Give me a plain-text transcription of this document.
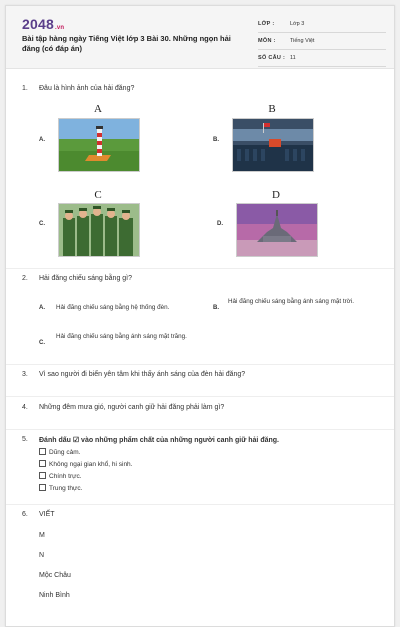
2048.vn
Bài tập hàng ngày Tiếng Việt lớp 3 Bài 30. Những ngọn hải đăng (có đáp án)
LỚP :	Lớp 3
MÔN :	Tiếng Việt
SỐ CÂU : 11
1. Đâu là hình ảnh của hải đăng?
A
A.
B
B.
C
C.
D
D.
2. Hải đăng chiếu sáng bằng gì?
A. Hải đăng chiếu sáng bằng hệ thống đèn.	B.
Hải đăng chiếu sáng bằng ánh sáng mặt trời.
C.
Hải đăng chiếu sáng bằng ánh sáng mặt trăng.
3. Vì sao người đi biển yên tâm khi thấy ánh sáng của đèn hải đăng?
4. Những đêm mưa gió, người canh giữ hải đăng phải làm gì?
5. Đánh dấu ☑ vào những phẩm chất của những người canh giữ hải đăng.
Dũng cảm.
Không ngại gian khổ, hi sinh.
Chính trực.
Trung thực.
6. VIẾT
M
N
Mộc Châu
Ninh Bình
